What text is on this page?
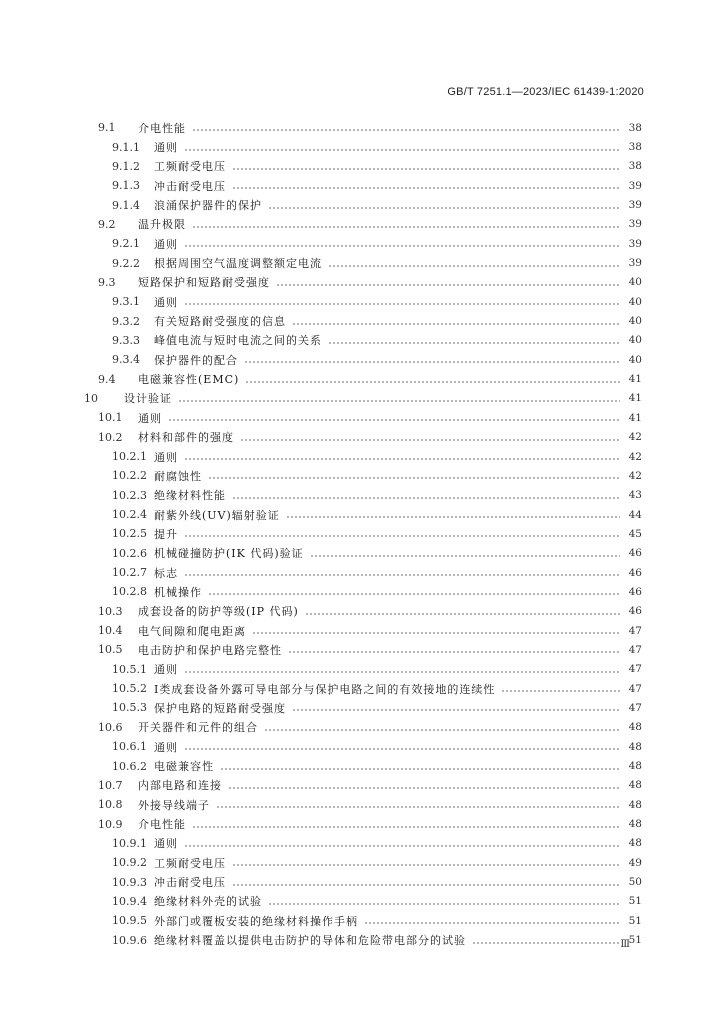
GB/T 7251.1—2023/IEC 61439-1:2020
9.1	介电性能	38
9.1.1	通则	38
9.1.2	工频耐受电压	38
9.1.3	冲击耐受电压	39
9.1.4	浪涌保护器件的保护	39
9.2	温升极限	39
9.2.1	通则	39
9.2.2	根据周围空气温度调整额定电流	39
9.3	短路保护和短路耐受强度	40
9.3.1	通则	40
9.3.2	有关短路耐受强度的信息	40
9.3.3	峰值电流与短时电流之间的关系	40
9.3.4	保护器件的配合	40
9.4	电磁兼容性(EMC)	41
10	设计验证	41
10.1	通则	41
10.2	材料和部件的强度	42
10.2.1 通则	42
10.2.2 耐腐蚀性	42
10.2.3 绝缘材料性能	43
10.2.4 耐紫外线(UV)辐射验证	44
10.2.5 提升	45
10.2.6 机械碰撞防护(IK 代码)验证	46
10.2.7 标志	46
10.2.8 机械操作	46
10.3	成套设备的防护等级(IP 代码)	46
10.4	电气间隙和爬电距离	47
10.5	电击防护和保护电路完整性	47
10.5.1 通则	47
10.5.2 Ⅰ类成套设备外露可导电部分与保护电路之间的有效接地的连续性	47
10.5.3 保护电路的短路耐受强度	47
10.6	开关器件和元件的组合	48
10.6.1 通则	48
10.6.2 电磁兼容性	48
10.7	内部电路和连接	48
10.8	外接导线端子	48
10.9	介电性能	48
10.9.1 通则	48
10.9.2 工频耐受电压	49
10.9.3 冲击耐受电压	50
10.9.4 绝缘材料外壳的试验	51
10.9.5 外部门或覆板安装的绝缘材料操作手柄	51
10.9.6 绝缘材料覆盖以提供电击防护的导体和危险带电部分的试验	51
Ⅲ
